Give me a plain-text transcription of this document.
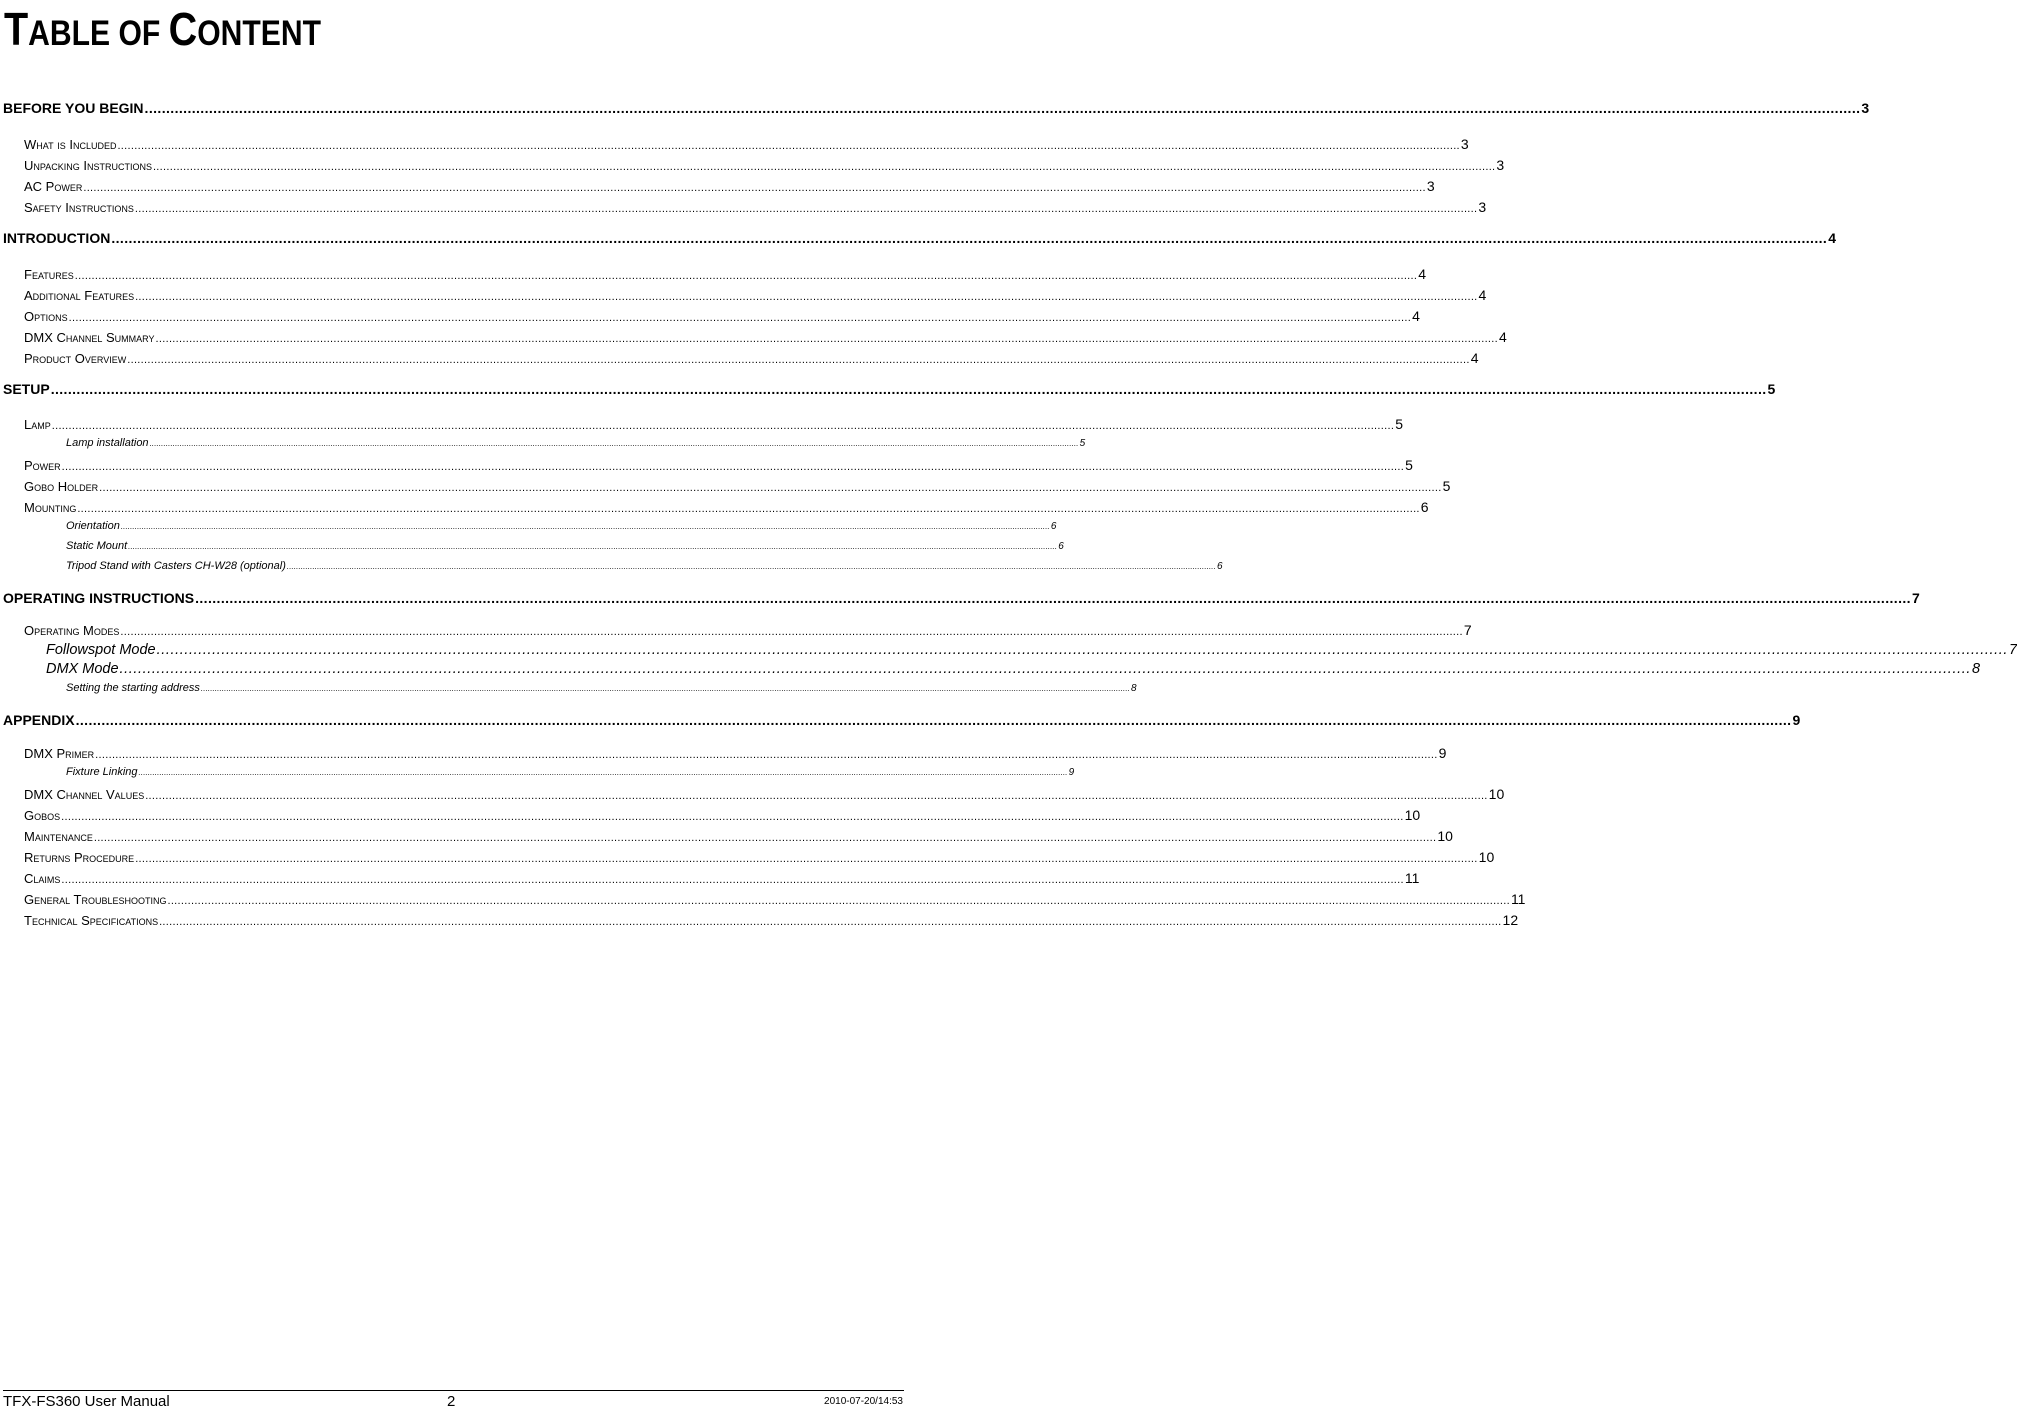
TABLE OF CONTENT
BEFORE YOU BEGIN ................................................................................................................................................................................................................................................................................................................................................................................................................ 3
What is Included ................................................................................................................................................................................................................................................................................................................................................................................................................ 3
Unpacking Instructions ................................................................................................................................................................................................................................................................................................................................................................................................................ 3
AC Power ................................................................................................................................................................................................................................................................................................................................................................................................................ 3
Safety Instructions ................................................................................................................................................................................................................................................................................................................................................................................................................ 3
INTRODUCTION ................................................................................................................................................................................................................................................................................................................................................................................................................ 4
Features ................................................................................................................................................................................................................................................................................................................................................................................................................ 4
Additional Features ................................................................................................................................................................................................................................................................................................................................................................................................................ 4
Options ................................................................................................................................................................................................................................................................................................................................................................................................................ 4
DMX Channel Summary ................................................................................................................................................................................................................................................................................................................................................................................................................ 4
Product Overview ................................................................................................................................................................................................................................................................................................................................................................................................................ 4
SETUP ................................................................................................................................................................................................................................................................................................................................................................................................................ 5
Lamp ................................................................................................................................................................................................................................................................................................................................................................................................................ 5
Lamp installation ................................................................................................................................................................................................................................................................................................................................................................................................................ 5
Power ................................................................................................................................................................................................................................................................................................................................................................................................................ 5
Gobo Holder ................................................................................................................................................................................................................................................................................................................................................................................................................ 5
Mounting ................................................................................................................................................................................................................................................................................................................................................................................................................ 6
Orientation ................................................................................................................................................................................................................................................................................................................................................................................................................ 6
Static Mount ................................................................................................................................................................................................................................................................................................................................................................................................................ 6
Tripod Stand with Casters CH-W28 (optional) ................................................................................................................................................................................................................................................................................................................................................................................................................ 6
OPERATING INSTRUCTIONS ................................................................................................................................................................................................................................................................................................................................................................................................................ 7
Operating Modes ................................................................................................................................................................................................................................................................................................................................................................................................................ 7
Followspot Mode ................................................................................................................................................................................................................................................................................................................................................................................................................ 7
DMX Mode ................................................................................................................................................................................................................................................................................................................................................................................................................ 8
Setting the starting address ................................................................................................................................................................................................................................................................................................................................................................................................................ 8
APPENDIX ................................................................................................................................................................................................................................................................................................................................................................................................................ 9
DMX Primer ................................................................................................................................................................................................................................................................................................................................................................................................................ 9
Fixture Linking ................................................................................................................................................................................................................................................................................................................................................................................................................ 9
DMX Channel Values ................................................................................................................................................................................................................................................................................................................................................................................................................ 10
Gobos ................................................................................................................................................................................................................................................................................................................................................................................................................ 10
Maintenance ................................................................................................................................................................................................................................................................................................................................................................................................................ 10
Returns Procedure ................................................................................................................................................................................................................................................................................................................................................................................................................ 10
Claims ................................................................................................................................................................................................................................................................................................................................................................................................................ 11
General Troubleshooting ................................................................................................................................................................................................................................................................................................................................................................................................................ 11
Technical Specifications ................................................................................................................................................................................................................................................................................................................................................................................................................ 12
TFX-FS360 User Manual	2	2010-07-20/14:53
